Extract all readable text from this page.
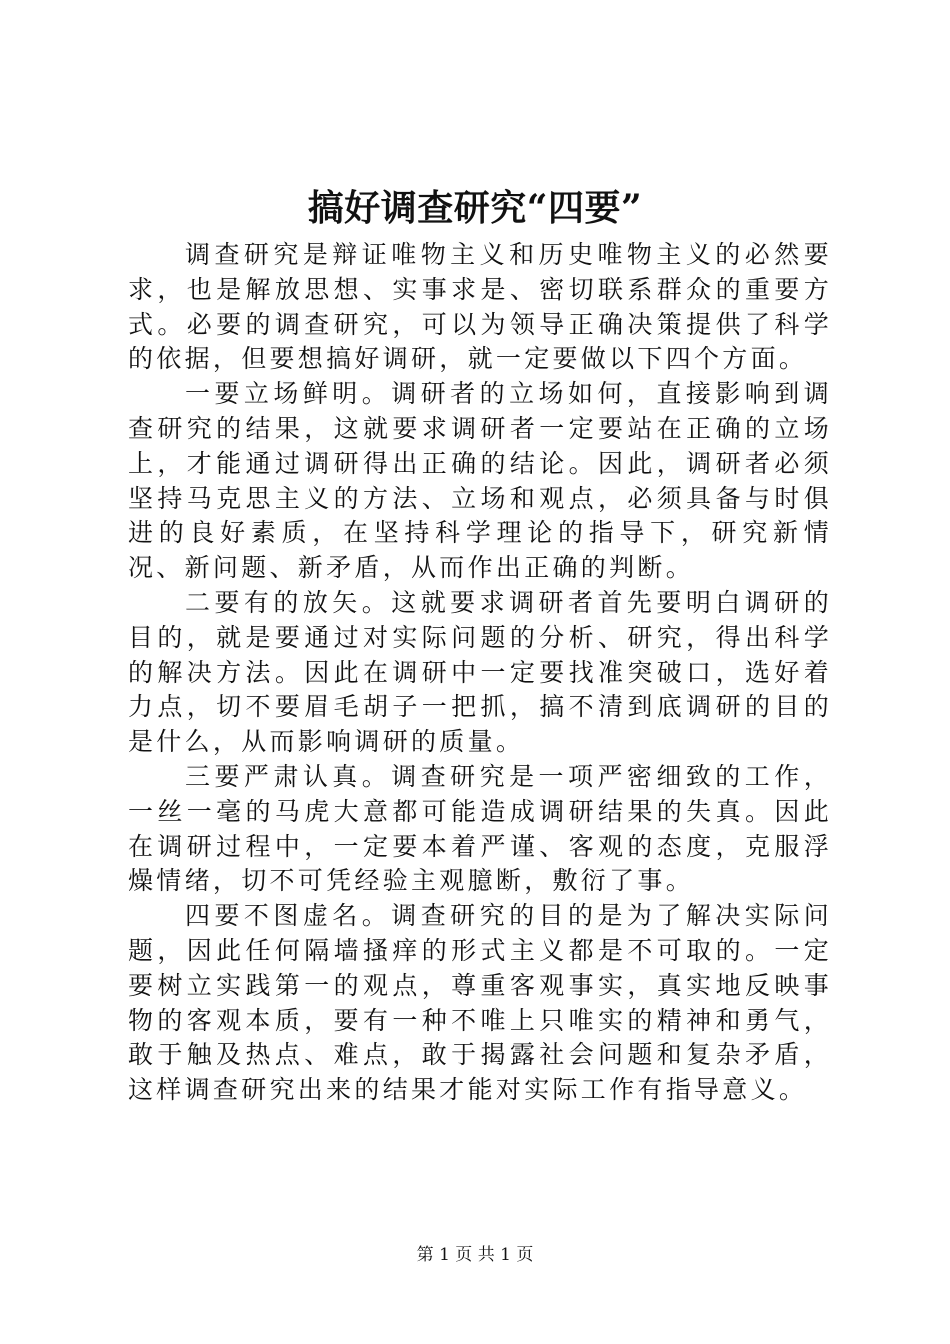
搞好调查研究“四要”

调查研究是辩证唯物主义和历史唯物主义的必然要求，也是解放思想、实事求是、密切联系群众的重要方式。必要的调查研究，可以为领导正确决策提供了科学的依据，但要想搞好调研，就一定要做以下四个方面。

一要立场鲜明。调研者的立场如何，直接影响到调查研究的结果，这就要求调研者一定要站在正确的立场上，才能通过调研得出正确的结论。因此，调研者必须坚持马克思主义的方法、立场和观点，必须具备与时俱进的良好素质，在坚持科学理论的指导下，研究新情况、新问题、新矛盾，从而作出正确的判断。

二要有的放矢。这就要求调研者首先要明白调研的目的，就是要通过对实际问题的分析、研究，得出科学的解决方法。因此在调研中一定要找准突破口，选好着力点，切不要眉毛胡子一把抓，搞不清到底调研的目的是什么，从而影响调研的质量。

三要严肃认真。调查研究是一项严密细致的工作，一丝一毫的马虎大意都可能造成调研结果的失真。因此在调研过程中，一定要本着严谨、客观的态度，克服浮燥情绪，切不可凭经验主观臆断，敷衍了事。

四要不图虚名。调查研究的目的是为了解决实际问题，因此任何隔墙搔痒的形式主义都是不可取的。一定要树立实践第一的观点，尊重客观事实，真实地反映事物的客观本质，要有一种不唯上只唯实的精神和勇气，敢于触及热点、难点，敢于揭露社会问题和复杂矛盾，这样调查研究出来的结果才能对实际工作有指导意义。

第 1 页 共 1 页
